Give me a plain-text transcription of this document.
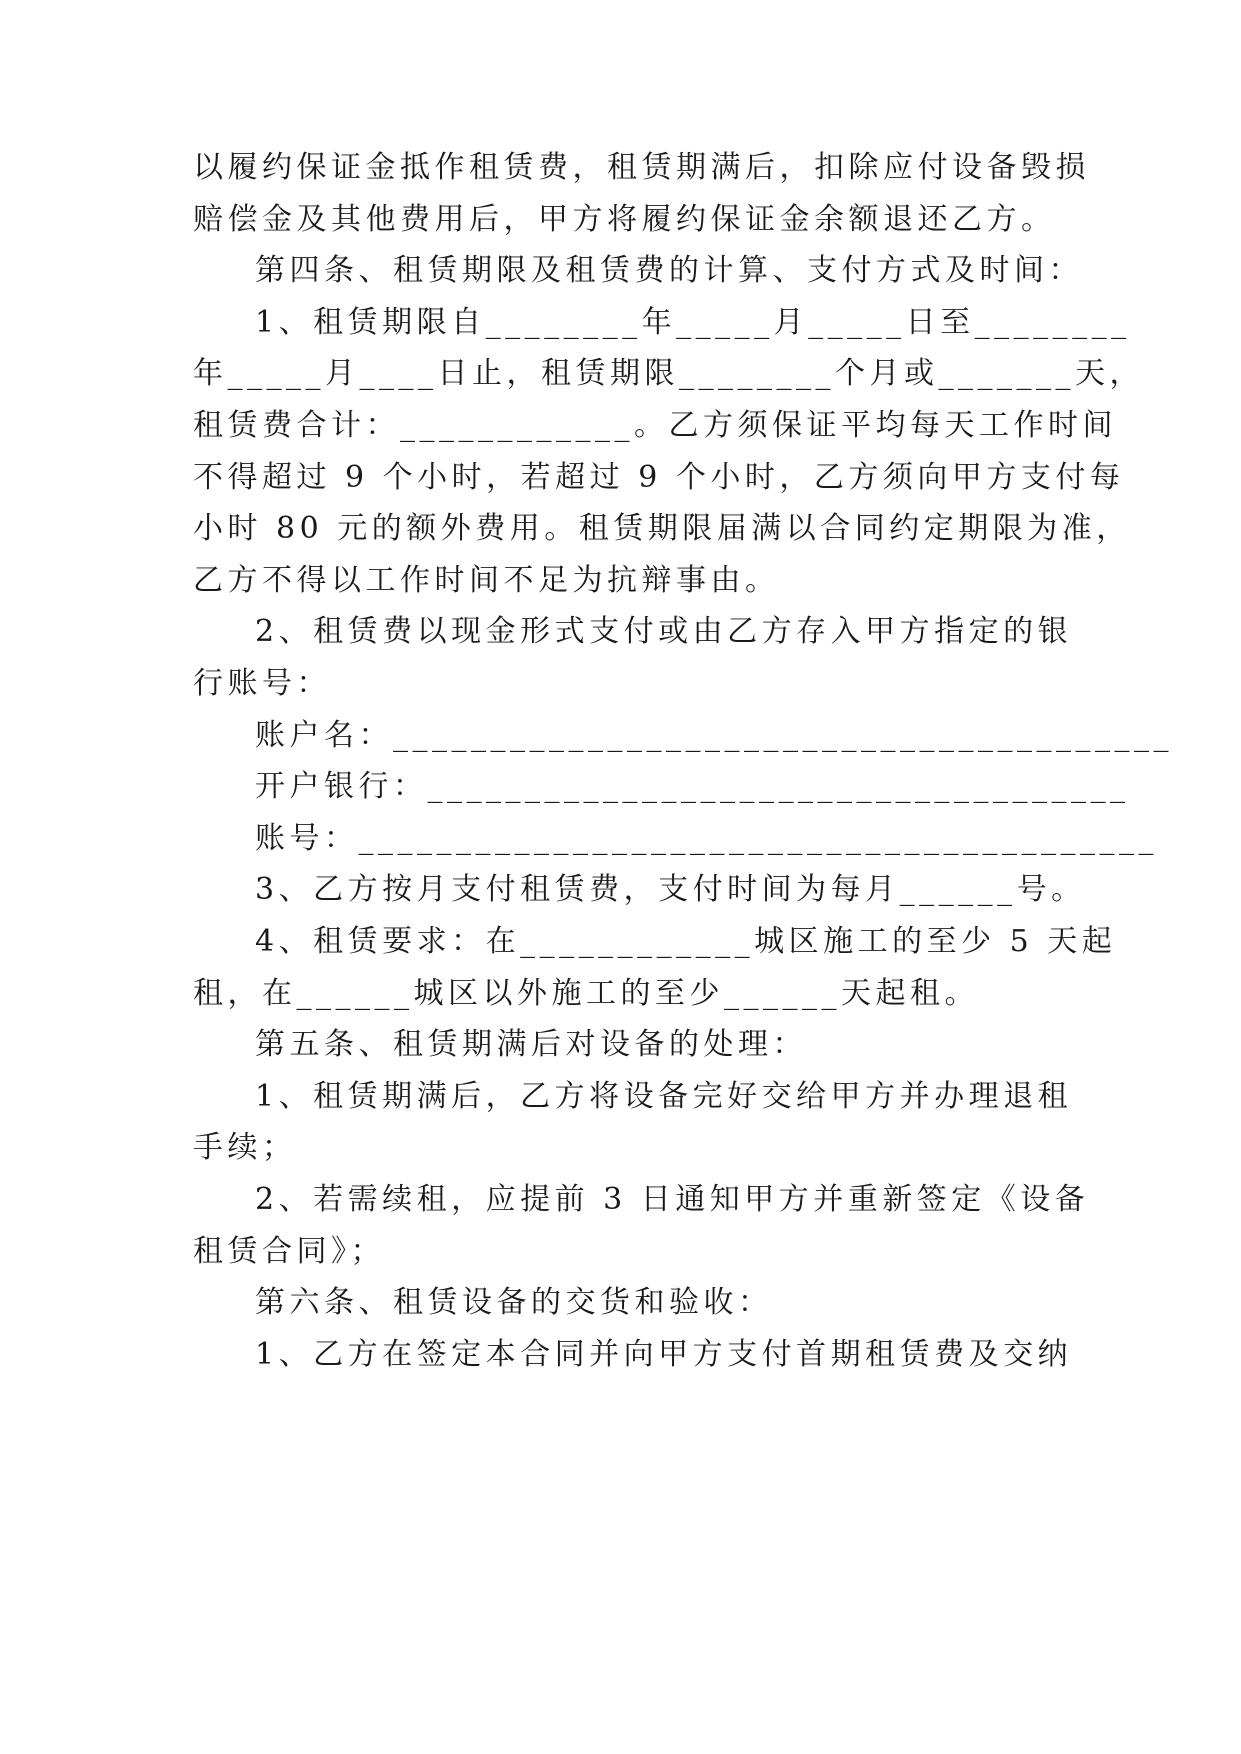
以履约保证金抵作租赁费，租赁期满后，扣除应付设备毁损
赔偿金及其他费用后，甲方将履约保证金余额退还乙方。
第四条、租赁期限及租赁费的计算、支付方式及时间：
1、租赁期限自________年_____月_____日至________
年_____月____日止，租赁期限________个月或_______天，
租赁费合计：____________。乙方须保证平均每天工作时间
不得超过 9 个小时，若超过 9 个小时，乙方须向甲方支付每
小时 80 元的额外费用。租赁期限届满以合同约定期限为准，
乙方不得以工作时间不足为抗辩事由。
2、租赁费以现金形式支付或由乙方存入甲方指定的银
行账号：
账户名：________________________________________
开户银行：____________________________________
账号：_________________________________________
3、乙方按月支付租赁费，支付时间为每月______号。
4、租赁要求：在____________城区施工的至少 5 天起
租，在______城区以外施工的至少______天起租。
第五条、租赁期满后对设备的处理：
1、租赁期满后，乙方将设备完好交给甲方并办理退租
手续；
2、若需续租，应提前 3 日通知甲方并重新签定《设备
租赁合同》；
第六条、租赁设备的交货和验收：
1、乙方在签定本合同并向甲方支付首期租赁费及交纳
